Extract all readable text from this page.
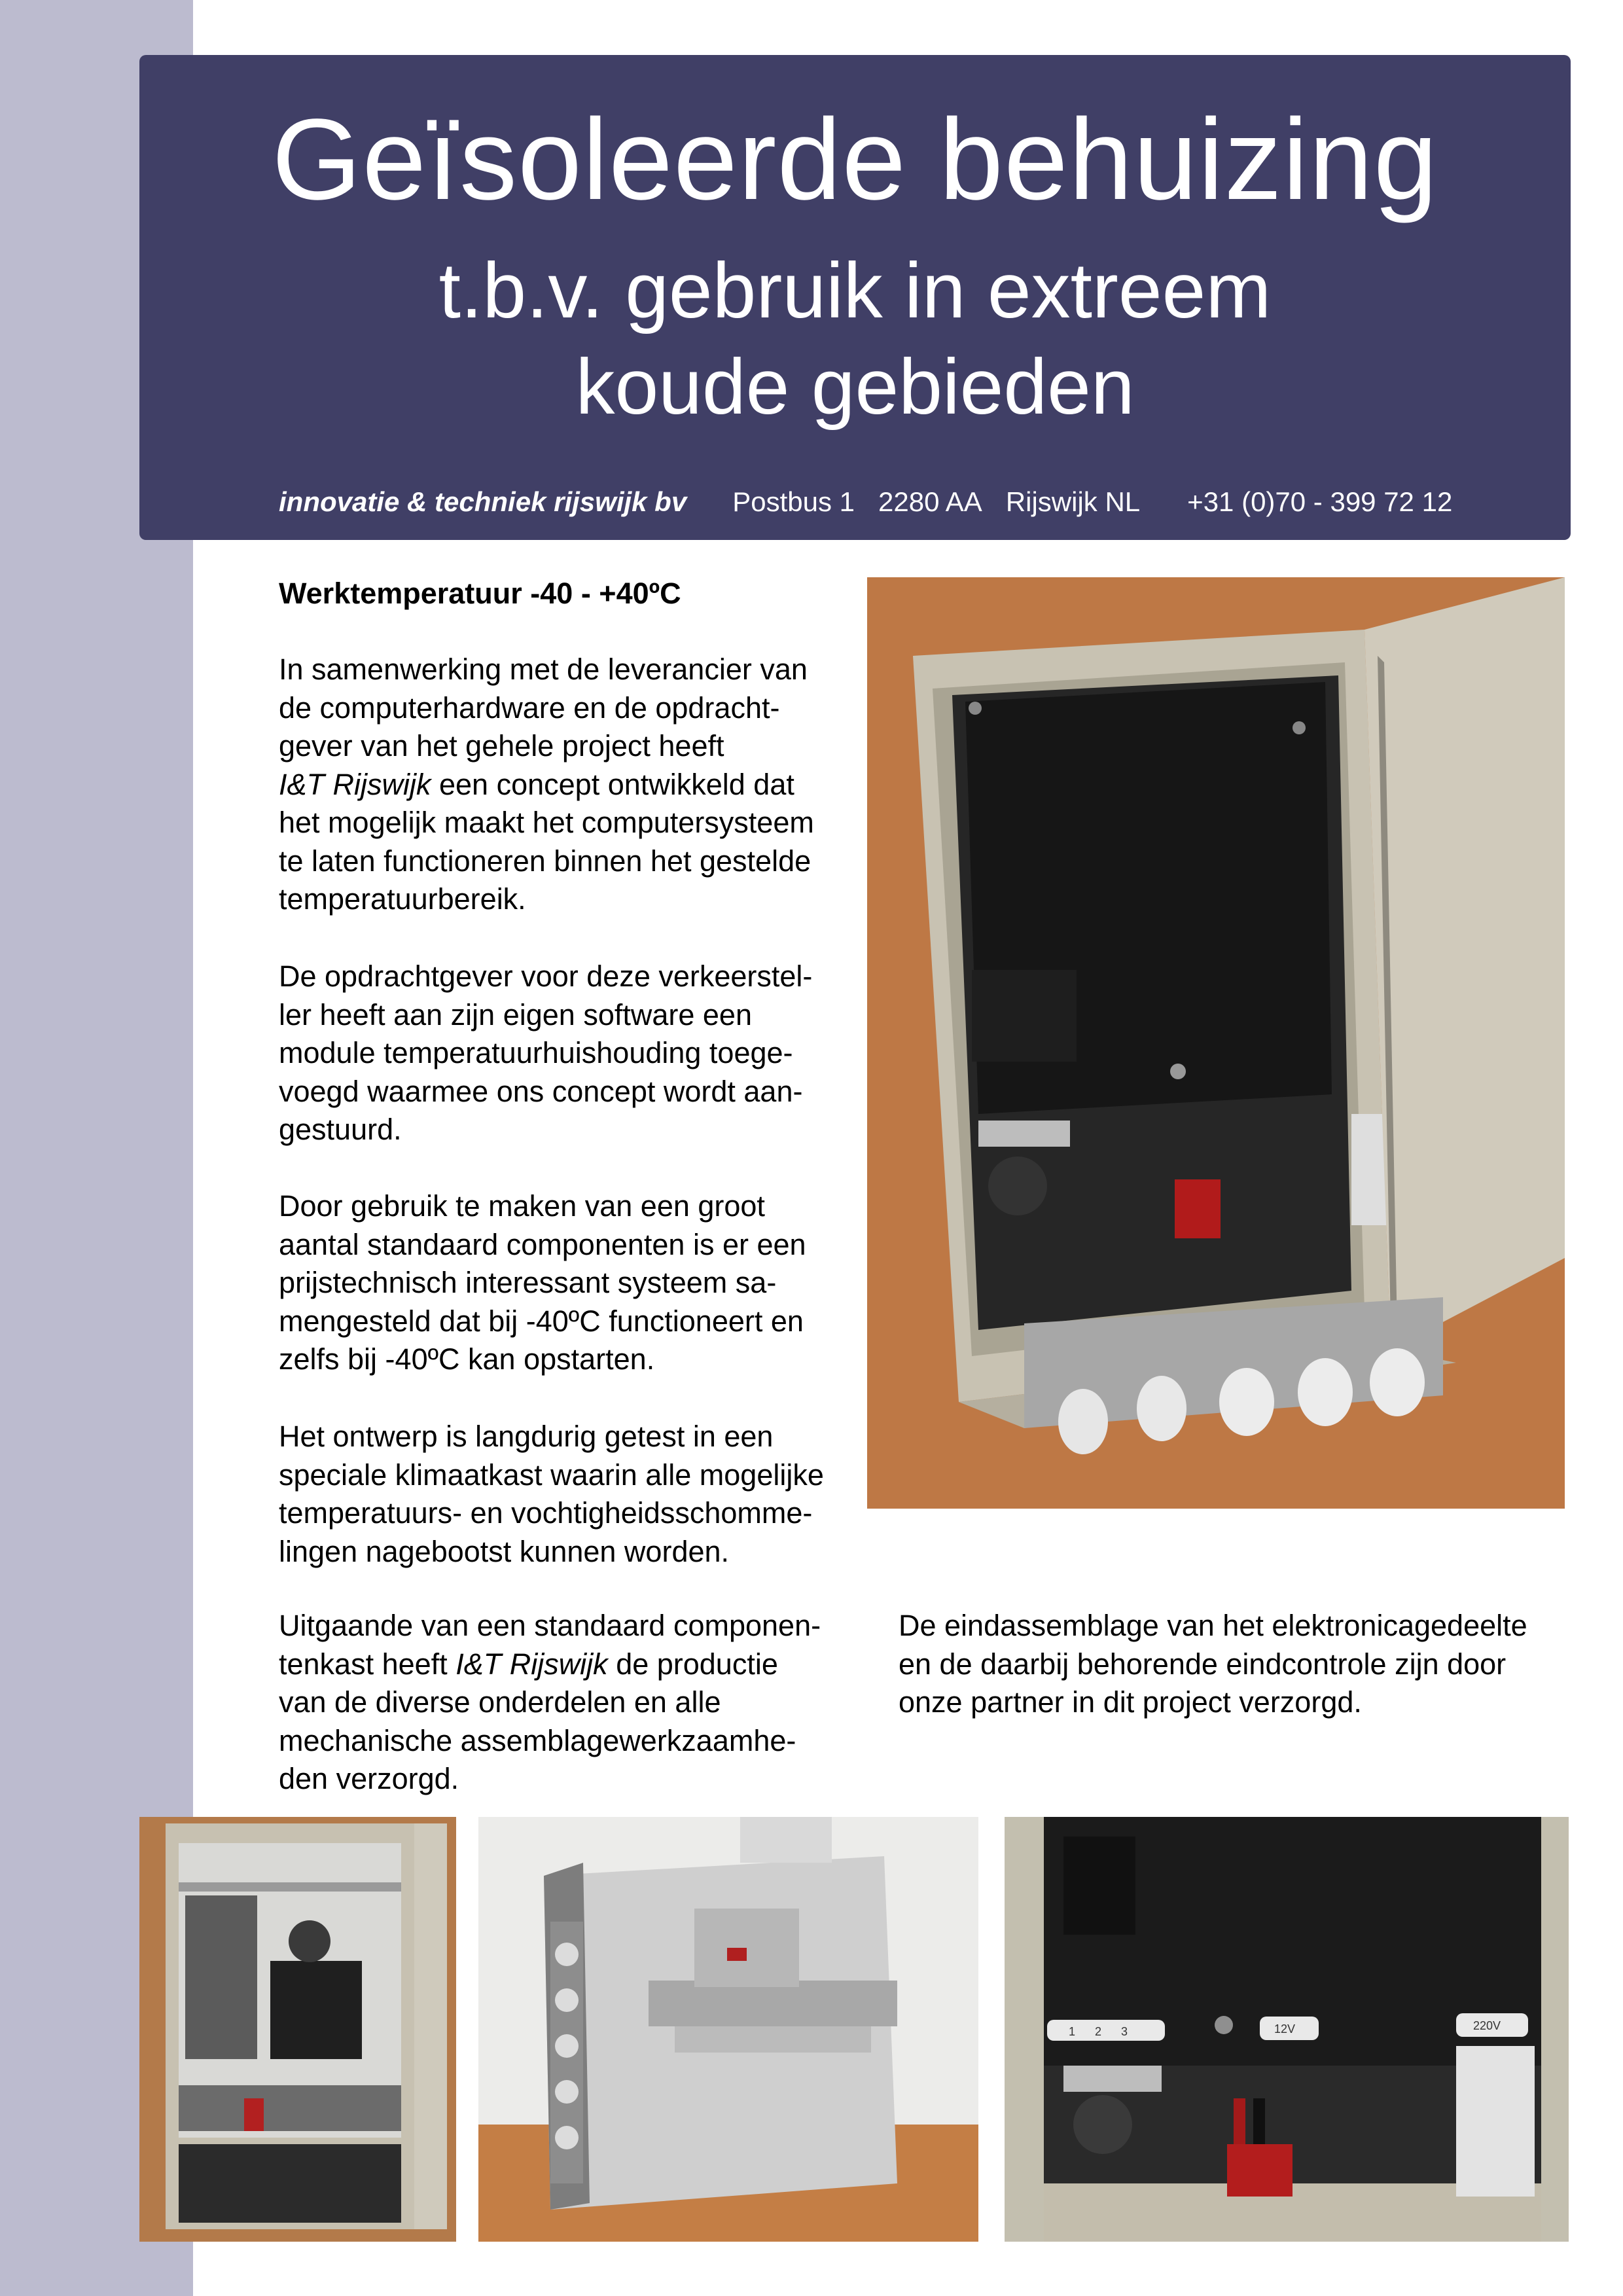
Geïsoleerde behuizing
t.b.v. gebruik in extreem
koude gebieden
innovatie & techniek rijswijk bv Postbus 1 2280 AA Rijswijk NL +31 (0)70 - 399 72 12
Werktemperatuur -40 - +40ºC
In samenwerking met de leverancier van
de computerhardware en de opdracht-
gever van het gehele project heeft
I&T Rijswijk een concept ontwikkeld dat
het mogelijk maakt het computersysteem
te laten functioneren binnen het gestelde
temperatuurbereik.
De opdrachtgever voor deze verkeerstel-
ler heeft aan zijn eigen software een
module temperatuurhuishouding toege-
voegd waarmee ons concept wordt aan-
gestuurd.
Door gebruik te maken van een groot
aantal standaard componenten is er een
prijstechnisch interessant systeem sa-
mengesteld dat bij -40ºC functioneert en
zelfs bij -40ºC kan opstarten.
Het ontwerp is langdurig getest in een
speciale klimaatkast waarin alle mogelijke
temperatuurs- en vochtigheidsschomme-
lingen nagebootst kunnen worden.
Uitgaande van een standaard componen-
tenkast heeft I&T Rijswijk de productie
van de diverse onderdelen en alle
mechanische assemblagewerkzaamhe-
den verzorgd.
De eindassemblage van het elektronicagedeelte
en de daarbij behorende eindcontrole zijn door
onze partner in dit project verzorgd.
1 2 3	12V	220V
